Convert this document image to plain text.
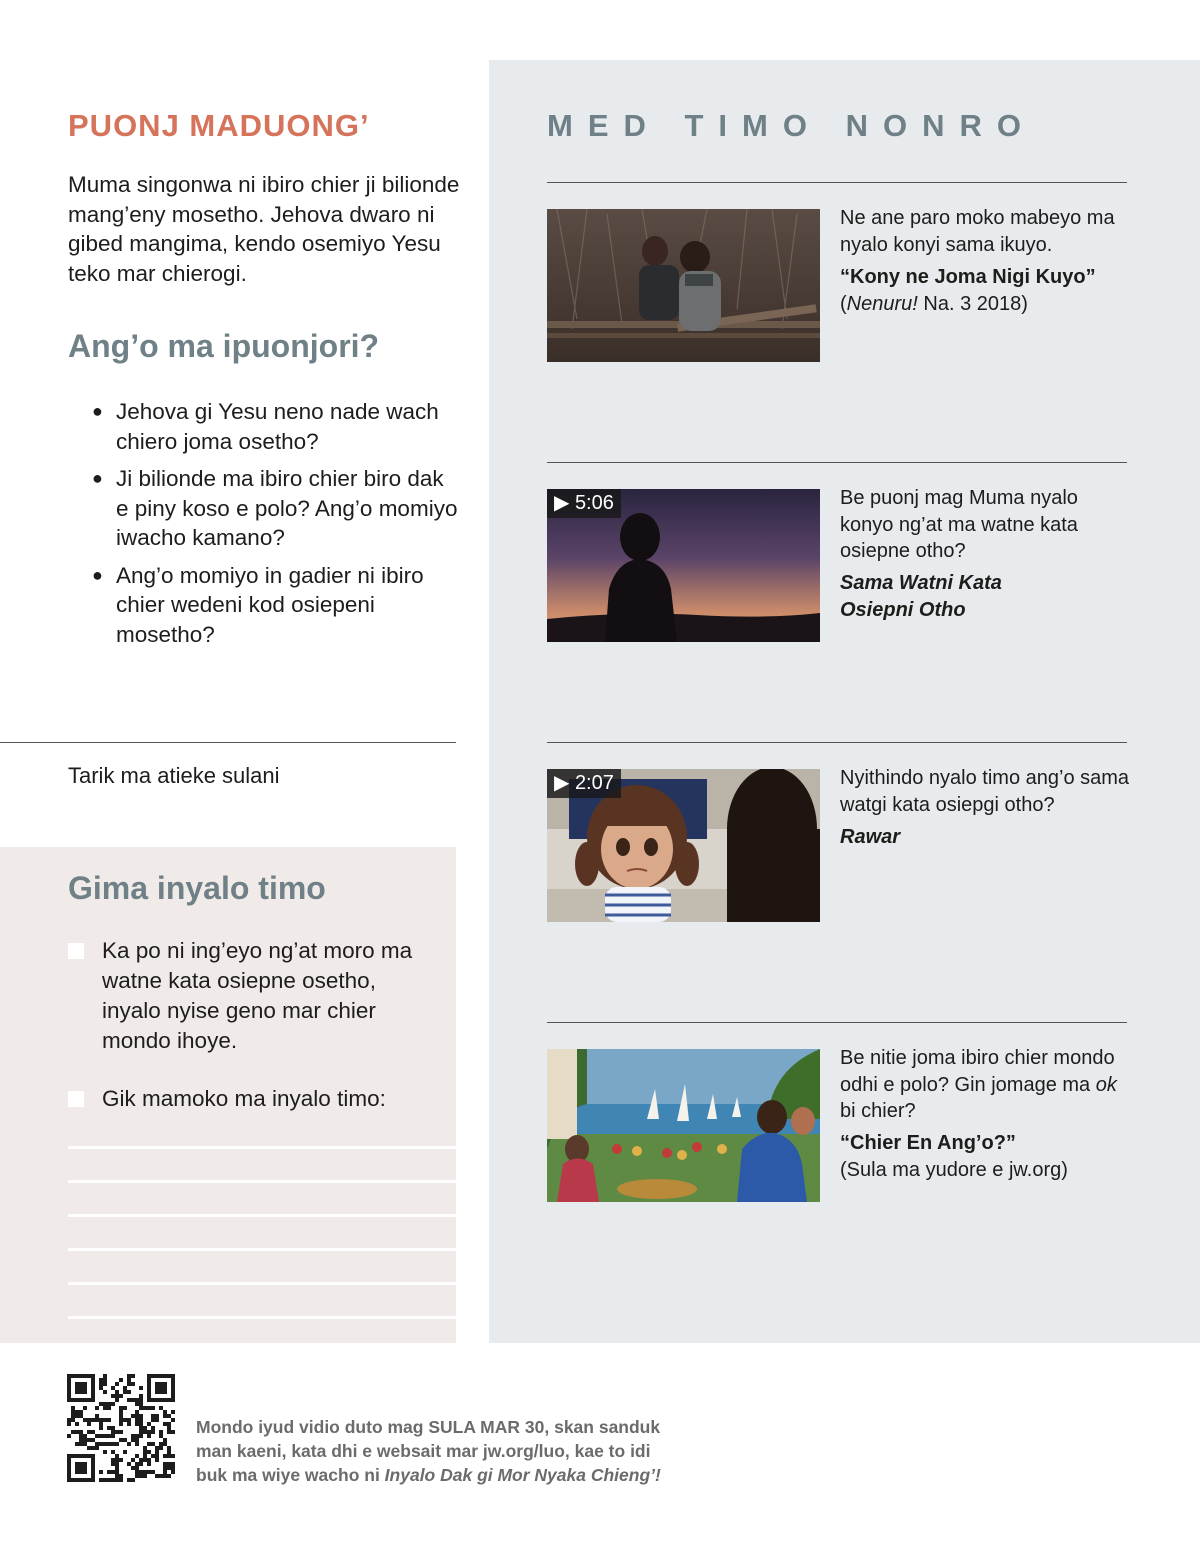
PUONJ MADUONG’

Muma singonwa ni ibiro chier ji bilionde mang’eny mosetho. Jehova dwaro ni gibed mangima, kendo osemiyo Yesu teko mar chierogi.

Ang’o ma ipuonjori?
● Jehova gi Yesu neno nade wach chiero joma osetho?
● Ji bilionde ma ibiro chier biro dak e piny koso e polo? Ang’o momiyo iwacho kamano?
● Ang’o momiyo in gadier ni ibiro chier wedeni kod osiepeni mosetho?
Tarik ma atieke sulani
Gima inyalo timo

Ka po ni ing’eyo ng’at moro ma watne kata osiepne osetho, inyalo nyise geno mar chier mondo ihoye.

Gik mamoko ma inyalo timo:

MED TIMO NONRO

Ne ane paro moko mabeyo ma nyalo konyi sama ikuyo.

“Kony ne Joma Nigi Kuyo”
(Nenuru! Na. 3 2018)
▶ 5:06	Be puonj mag Muma nyalo konyo ng’at ma watne kata osiepne otho?

Sama Watni Kata Osiepni Otho
▶ 2:07	Nyithindo nyalo timo ang’o sama watgi kata osiepgi otho?

Rawar

Be nitie joma ibiro chier mondo odhi e polo? Gin jomage ma ok bi chier?

“Chier En Ang’o?”
(Sula ma yudore e jw.org)

Mondo iyud vidio duto mag SULA MAR 30, skan sanduk man kaeni, kata dhi e websait mar jw.org/luo, kae to idi buk ma wiye wacho ni Inyalo Dak gi Mor Nyaka Chieng’!
